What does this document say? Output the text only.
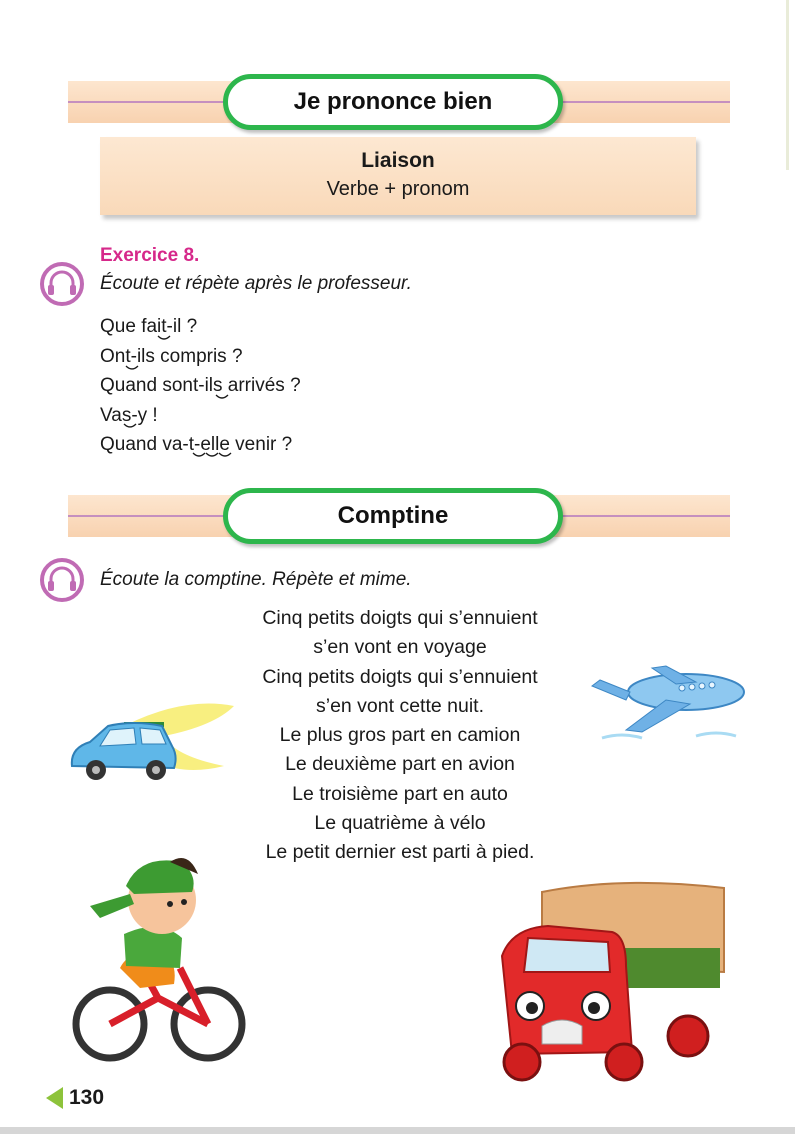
Je prononce bien
Liaison
Verbe + pronom
Exercice 8.
Écoute et répète après le professeur.
Que fait-il ?
Ont-ils compris ?
Quand sont-ils arrivés ?
Vas-y !
Quand va-t-elle venir ?
Comptine
Écoute la comptine. Répète et mime.
Cinq petits doigts qui s’ennuient
s’en vont en voyage
Cinq petits doigts qui s’ennuient
s’en vont cette nuit.
Le plus gros part en camion
Le deuxième part en avion
Le troisième part en auto
Le quatrième à vélo
Le petit dernier est parti à pied.
130
